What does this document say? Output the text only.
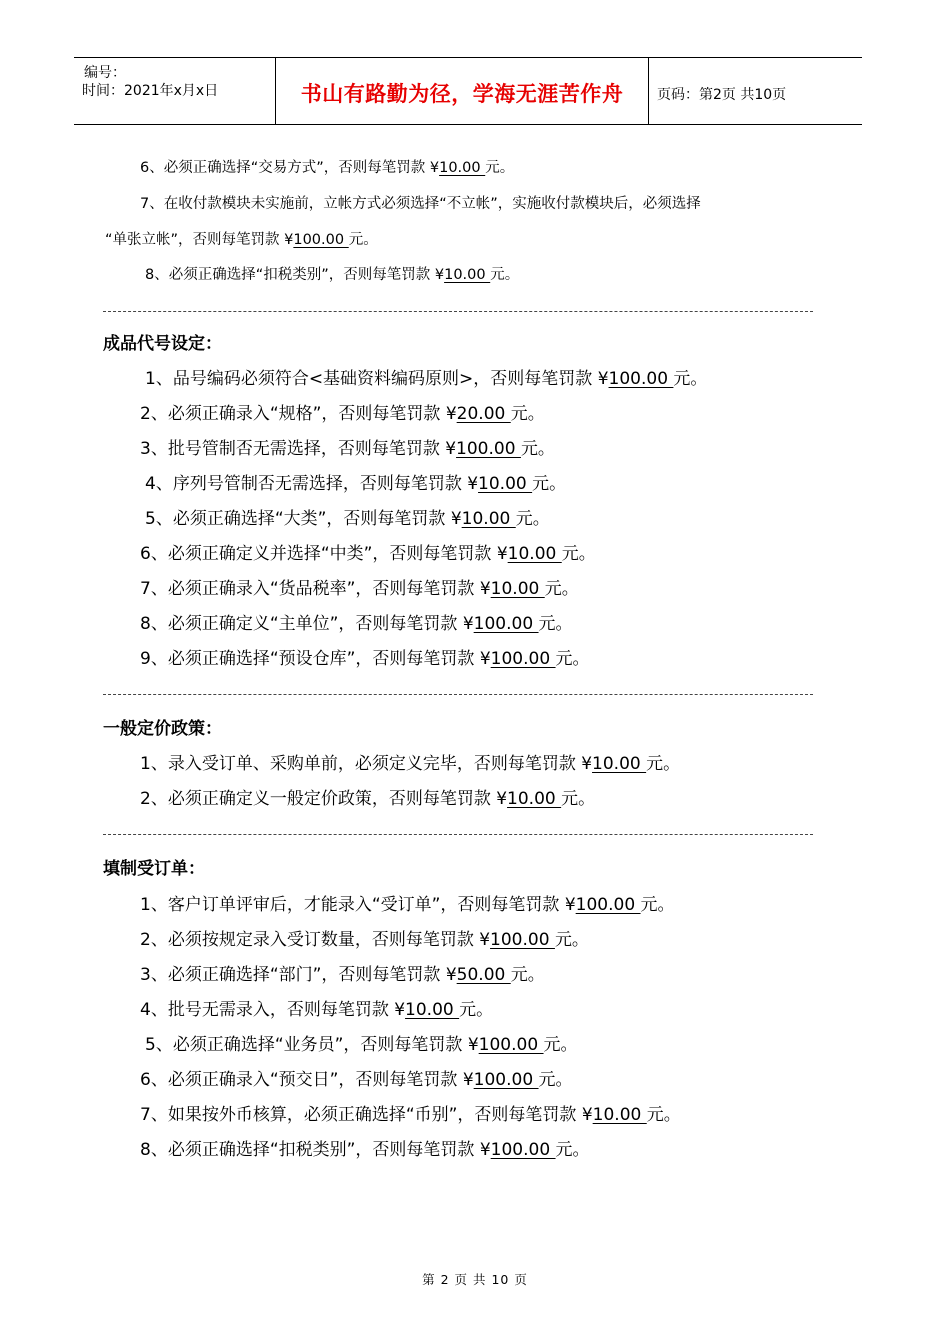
编号：
时间：2021年x月x日	书山有路勤为径，学海无涯苦作舟	页码：第2页 共10页
6、必须正确选择“交易方式”，否则每笔罚款 ¥10.00 元。
7、在收付款模块未实施前，立帐方式必须选择“不立帐”，实施收付款模块后，必须选择
“单张立帐”，否则每笔罚款 ¥100.00 元。
8、必须正确选择“扣税类别”，否则每笔罚款 ¥10.00 元。
成品代号设定：
1、品号编码必须符合<基础资料编码原则>，否则每笔罚款 ¥100.00 元。
2、必须正确录入“规格”，否则每笔罚款 ¥20.00 元。
3、批号管制否无需选择，否则每笔罚款 ¥100.00 元。
4、序列号管制否无需选择，否则每笔罚款 ¥10.00 元。
5、必须正确选择“大类”，否则每笔罚款 ¥10.00 元。
6、必须正确定义并选择“中类”，否则每笔罚款 ¥10.00 元。
7、必须正确录入“货品税率”，否则每笔罚款 ¥10.00 元。
8、必须正确定义“主单位”，否则每笔罚款 ¥100.00 元。
9、必须正确选择“预设仓库”，否则每笔罚款 ¥100.00 元。
一般定价政策：
1、录入受订单、采购单前，必须定义完毕，否则每笔罚款 ¥10.00 元。
2、必须正确定义一般定价政策，否则每笔罚款 ¥10.00 元。
填制受订单：
1、客户订单评审后，才能录入“受订单”，否则每笔罚款 ¥100.00 元。
2、必须按规定录入受订数量，否则每笔罚款 ¥100.00 元。
3、必须正确选择“部门”，否则每笔罚款 ¥50.00 元。
4、批号无需录入，否则每笔罚款 ¥10.00 元。
5、必须正确选择“业务员”，否则每笔罚款 ¥100.00 元。
6、必须正确录入“预交日”，否则每笔罚款 ¥100.00 元。
7、如果按外币核算，必须正确选择“币别”，否则每笔罚款 ¥10.00 元。
8、必须正确选择“扣税类别”，否则每笔罚款 ¥100.00 元。
第 2 页 共 10 页
